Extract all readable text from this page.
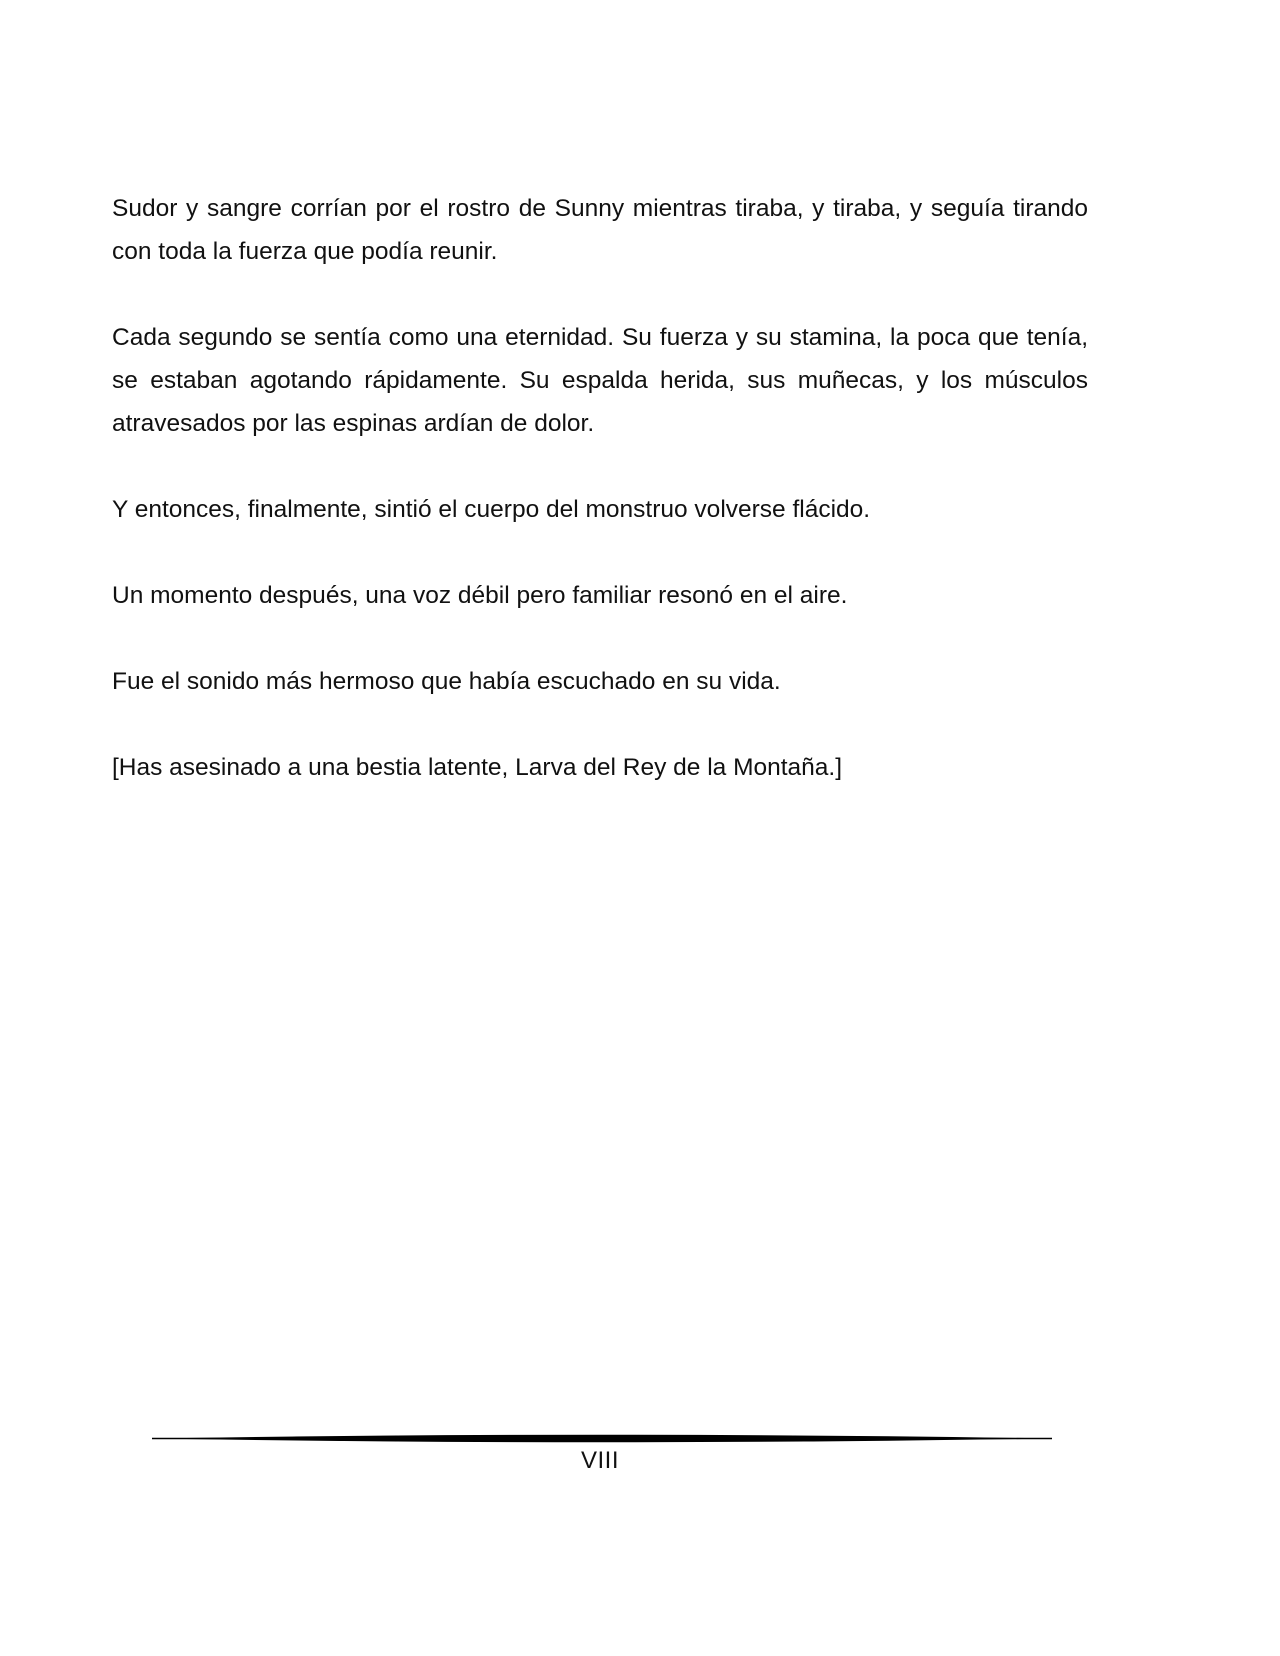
Sudor y sangre corrían por el rostro de Sunny mientras tiraba, y tiraba, y seguía tirando con toda la fuerza que podía reunir.

Cada segundo se sentía como una eternidad. Su fuerza y su stamina, la poca que tenía, se estaban agotando rápidamente. Su espalda herida, sus muñecas, y los músculos atravesados por las espinas ardían de dolor.

Y entonces, finalmente, sintió el cuerpo del monstruo volverse flácido.

Un momento después, una voz débil pero familiar resonó en el aire.

Fue el sonido más hermoso que había escuchado en su vida.

[Has asesinado a una bestia latente, Larva del Rey de la Montaña.]

VIII
